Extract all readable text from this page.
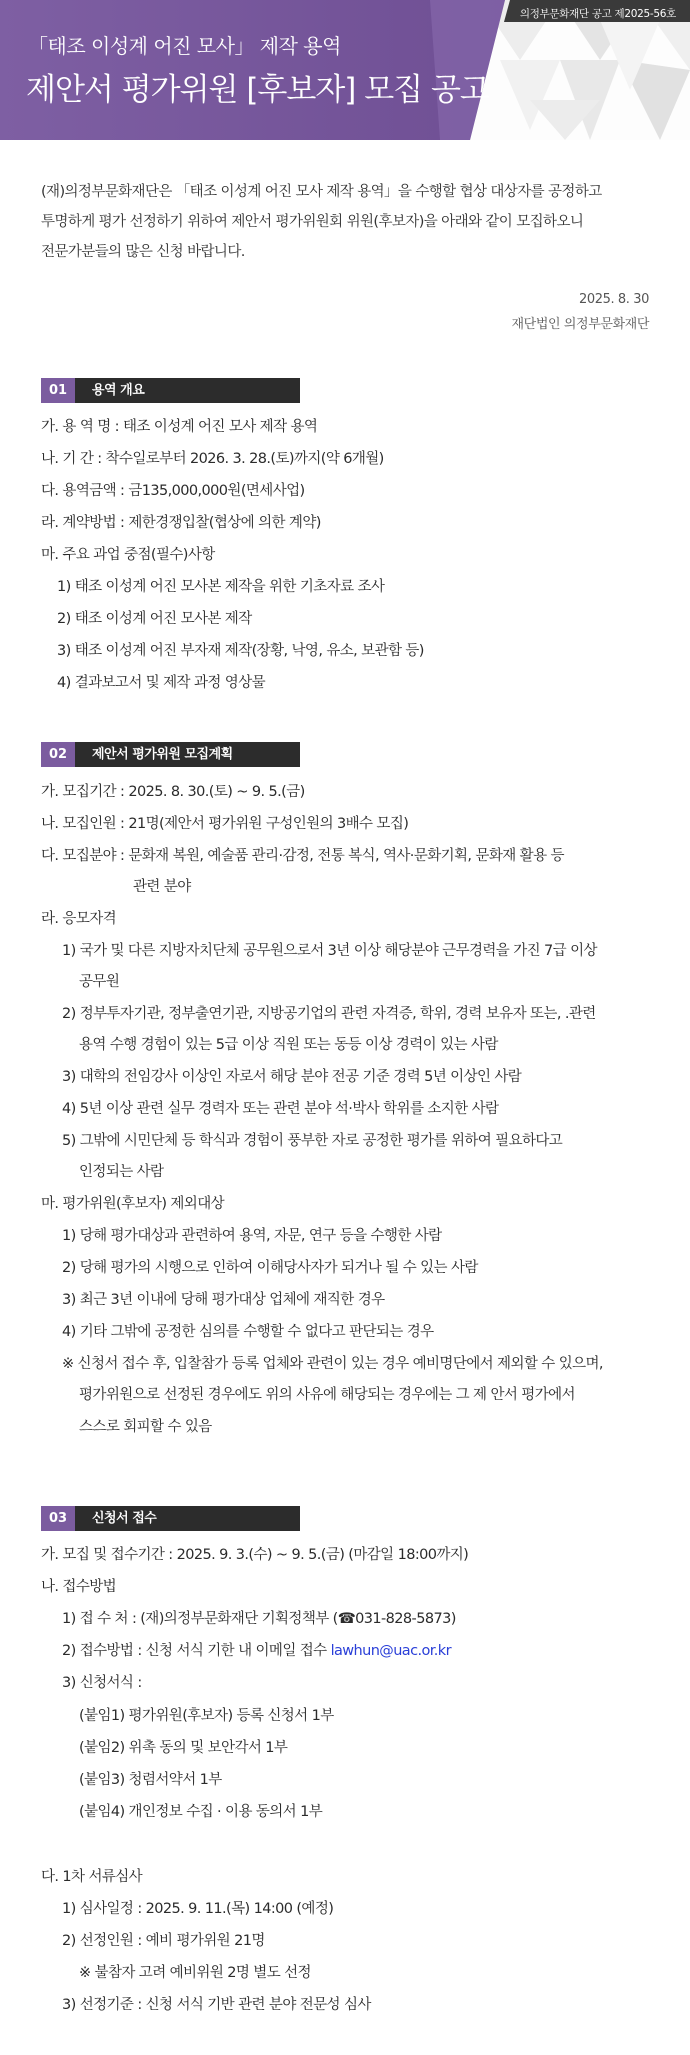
의정부문화재단 공고 제2025-56호
「태조 이성계 어진 모사」 제작 용역
제안서 평가위원 [후보자] 모집 공고
(재)의정부문화재단은 「태조 이성계 어진 모사 제작 용역」을 수행할 협상 대상자를 공정하고
투명하게 평가 선정하기 위하여 제안서 평가위원회 위원(후보자)을 아래와 같이 모집하오니
전문가분들의 많은 신청 바랍니다.
2025. 8. 30
재단법인 의정부문화재단
01	용역 개요
가. 용 역 명 : 태조 이성계 어진 모사 제작 용역
나. 기 간 : 착수일로부터 2026. 3. 28.(토)까지(약 6개월)
다. 용역금액 : 금135,000,000원(면세사업)
라. 계약방법 : 제한경쟁입찰(협상에 의한 계약)
마. 주요 과업 중점(필수)사항
1) 태조 이성계 어진 모사본 제작을 위한 기초자료 조사
2) 태조 이성계 어진 모사본 제작
3) 태조 이성계 어진 부자재 제작(장황, 낙영, 유소, 보관함 등)
4) 결과보고서 및 제작 과정 영상물
02	제안서 평가위원 모집계획
가. 모집기간 : 2025. 8. 30.(토) ~ 9. 5.(금)
나. 모집인원 : 21명(제안서 평가위원 구성인원의 3배수 모집)
다. 모집분야 : 문화재 복원, 예술품 관리·감정, 전통 복식, 역사·문화기획, 문화재 활용 등
관련 분야
라. 응모자격
1) 국가 및 다른 지방자치단체 공무원으로서 3년 이상 해당분야 근무경력을 가진 7급 이상
공무원
2) 정부투자기관, 정부출연기관, 지방공기업의 관련 자격증, 학위, 경력 보유자 또는, .관련
용역 수행 경험이 있는 5급 이상 직원 또는 동등 이상 경력이 있는 사람
3) 대학의 전임강사 이상인 자로서 해당 분야 전공 기준 경력 5년 이상인 사람
4) 5년 이상 관련 실무 경력자 또는 관련 분야 석·박사 학위를 소지한 사람
5) 그밖에 시민단체 등 학식과 경험이 풍부한 자로 공정한 평가를 위하여 필요하다고
인정되는 사람
마. 평가위원(후보자) 제외대상
1) 당해 평가대상과 관련하여 용역, 자문, 연구 등을 수행한 사람
2) 당해 평가의 시행으로 인하여 이해당사자가 되거나 될 수 있는 사람
3) 최근 3년 이내에 당해 평가대상 업체에 재직한 경우
4) 기타 그밖에 공정한 심의를 수행할 수 없다고 판단되는 경우
※ 신청서 접수 후, 입찰참가 등록 업체와 관련이 있는 경우 예비명단에서 제외할 수 있으며,
평가위원으로 선정된 경우에도 위의 사유에 해당되는 경우에는 그 제 안서 평가에서
스스로 회피할 수 있음
03	신청서 접수
가. 모집 및 접수기간 : 2025. 9. 3.(수) ~ 9. 5.(금) (마감일 18:00까지)
나. 접수방법
1) 접 수 처 : (재)의정부문화재단 기획정책부 (☎031-828-5873)
2) 접수방법 : 신청 서식 기한 내 이메일 접수 lawhun@uac.or.kr
3) 신청서식 :
(붙임1) 평가위원(후보자) 등록 신청서 1부
(붙임2) 위촉 동의 및 보안각서 1부
(붙임3) 청렴서약서 1부
(붙임4) 개인정보 수집 · 이용 동의서 1부
다. 1차 서류심사
1) 심사일정 : 2025. 9. 11.(목) 14:00 (예정)
2) 선정인원 : 예비 평가위원 21명
※ 불참자 고려 예비위원 2명 별도 선정
3) 선정기준 : 신청 서식 기반 관련 분야 전문성 심사
